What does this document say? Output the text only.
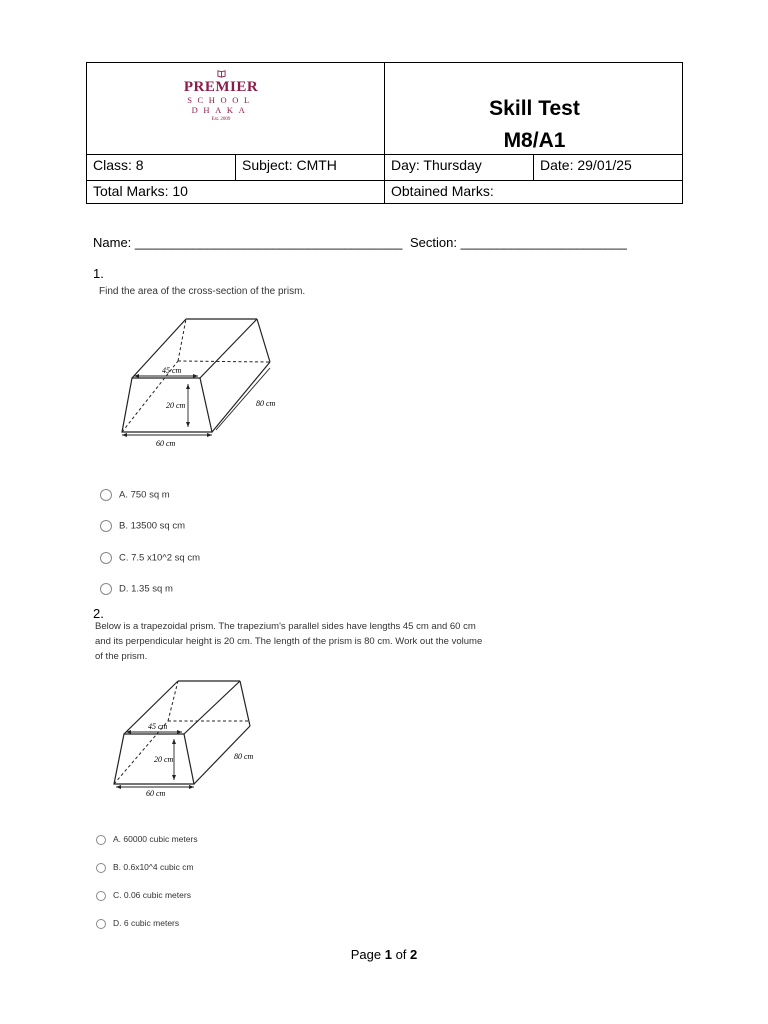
PREMIER
SCHOOL
DHAKA
Est. 2009	Skill Test
M8/A1
Class: 8	Subject: CMTH	Day: Thursday	Date: 29/01/25
Total Marks: 10	Obtained Marks:
Name: _____________________________________ Section: _______________________
1.
Find the area of the cross-section of the prism.
45 cm
20 cm	80 cm
60 cm
A. 750 sq m
B. 13500 sq cm
C. 7.5 x10^2 sq cm
D. 1.35 sq m
2.
Below is a trapezoidal prism. The trapezium's parallel sides have lengths 45 cm and 60 cm
and its perpendicular height is 20 cm. The length of the prism is 80 cm. Work out the volume
of the prism.
45 cm
20 cm	80 cm
60 cm
A. 60000 cubic meters
B. 0.6x10^4 cubic cm
C. 0.06 cubic meters
D. 6 cubic meters
Page 1 of 2
